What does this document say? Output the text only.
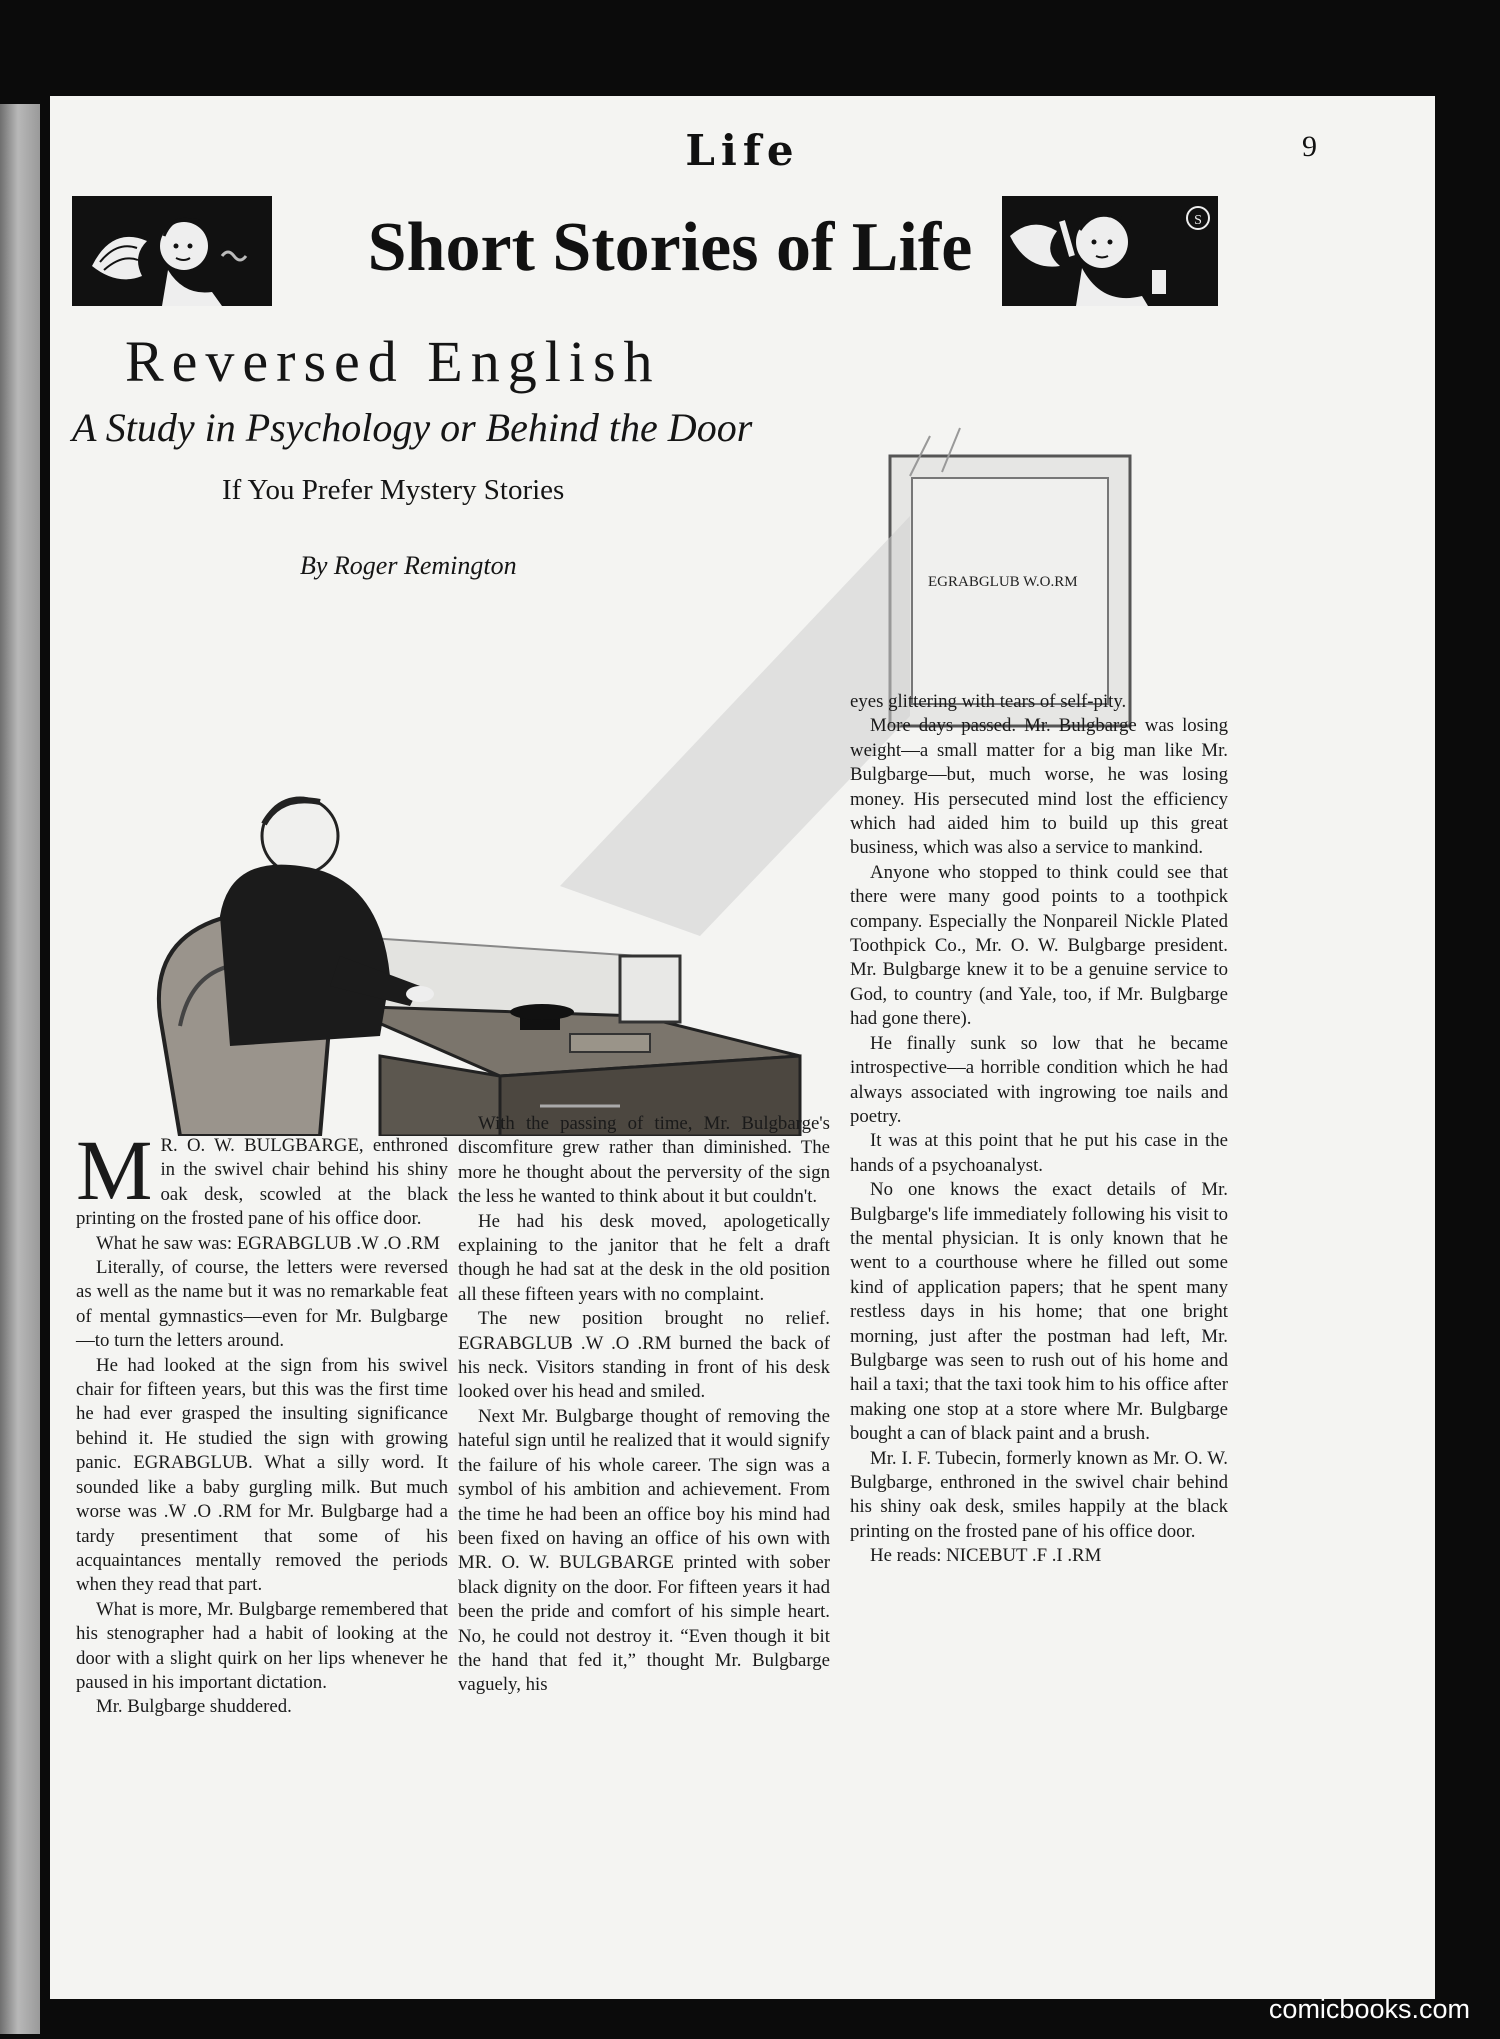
Life	9
Short Stories of Life	S
Reversed English
A Study in Psychology or Behind the Door
If You Prefer Mystery Stories
By Roger Remington
EGRABGLUB W.O.RM

M R. O. W. BULGBARGE, enthroned in the swivel chair behind his shiny oak desk, scowled at the black printing on the frosted pane of his office door.

What he saw was: EGRABGLUB .W .O .RM

Literally, of course, the letters were reversed as well as the name but it was no remarkable feat of mental gymnastics—even for Mr. Bulgbarge—to turn the letters around.

He had looked at the sign from his swivel chair for fifteen years, but this was the first time he had ever grasped the insulting significance behind it. He studied the sign with growing panic. EGRABGLUB. What a silly word. It sounded like a baby gurgling milk. But much worse was .W .O .RM for Mr. Bulgbarge had a tardy presentiment that some of his acquaintances mentally removed the periods when they read that part.

What is more, Mr. Bulgbarge remembered that his stenographer had a habit of looking at the door with a slight quirk on her lips whenever he paused in his important dictation.

Mr. Bulgbarge shuddered.

With the passing of time, Mr. Bulgbarge's discomfiture grew rather than diminished. The more he thought about the perversity of the sign the less he wanted to think about it but couldn't.

He had his desk moved, apologetically explaining to the janitor that he felt a draft though he had sat at the desk in the old position all these fifteen years with no complaint.

The new position brought no relief. EGRABGLUB .W .O .RM burned the back of his neck. Visitors standing in front of his desk looked over his head and smiled.

Next Mr. Bulgbarge thought of removing the hateful sign until he realized that it would signify the failure of his whole career. The sign was a symbol of his ambition and achievement. From the time he had been an office boy his mind had been fixed on having an office of his own with MR. O. W. BULGBARGE printed with sober black dignity on the door. For fifteen years it had been the pride and comfort of his simple heart. No, he could not destroy it. “Even though it bit the hand that fed it,” thought Mr. Bulgbarge vaguely, his

eyes glittering with tears of self-pity.

More days passed. Mr. Bulgbarge was losing weight—a small matter for a big man like Mr. Bulgbarge—but, much worse, he was losing money. His persecuted mind lost the efficiency which had aided him to build up this great business, which was also a service to mankind.

Anyone who stopped to think could see that there were many good points to a toothpick company. Especially the Nonpareil Nickle Plated Toothpick Co., Mr. O. W. Bulgbarge president. Mr. Bulgbarge knew it to be a genuine service to God, to country (and Yale, too, if Mr. Bulgbarge had gone there).

He finally sunk so low that he became introspective—a horrible condition which he had always associated with ingrowing toe nails and poetry.

It was at this point that he put his case in the hands of a psychoanalyst.

No one knows the exact details of Mr. Bulgbarge's life immediately following his visit to the mental physician. It is only known that he went to a courthouse where he filled out some kind of application papers; that he spent many restless days in his home; that one bright morning, just after the postman had left, Mr. Bulgbarge was seen to rush out of his home and hail a taxi; that the taxi took him to his office after making one stop at a store where Mr. Bulgbarge bought a can of black paint and a brush.

Mr. I. F. Tubecin, formerly known as Mr. O. W. Bulgbarge, enthroned in the swivel chair behind his shiny oak desk, smiles happily at the black printing on the frosted pane of his office door.

He reads: NICEBUT .F .I .RM

comicbooks.com
